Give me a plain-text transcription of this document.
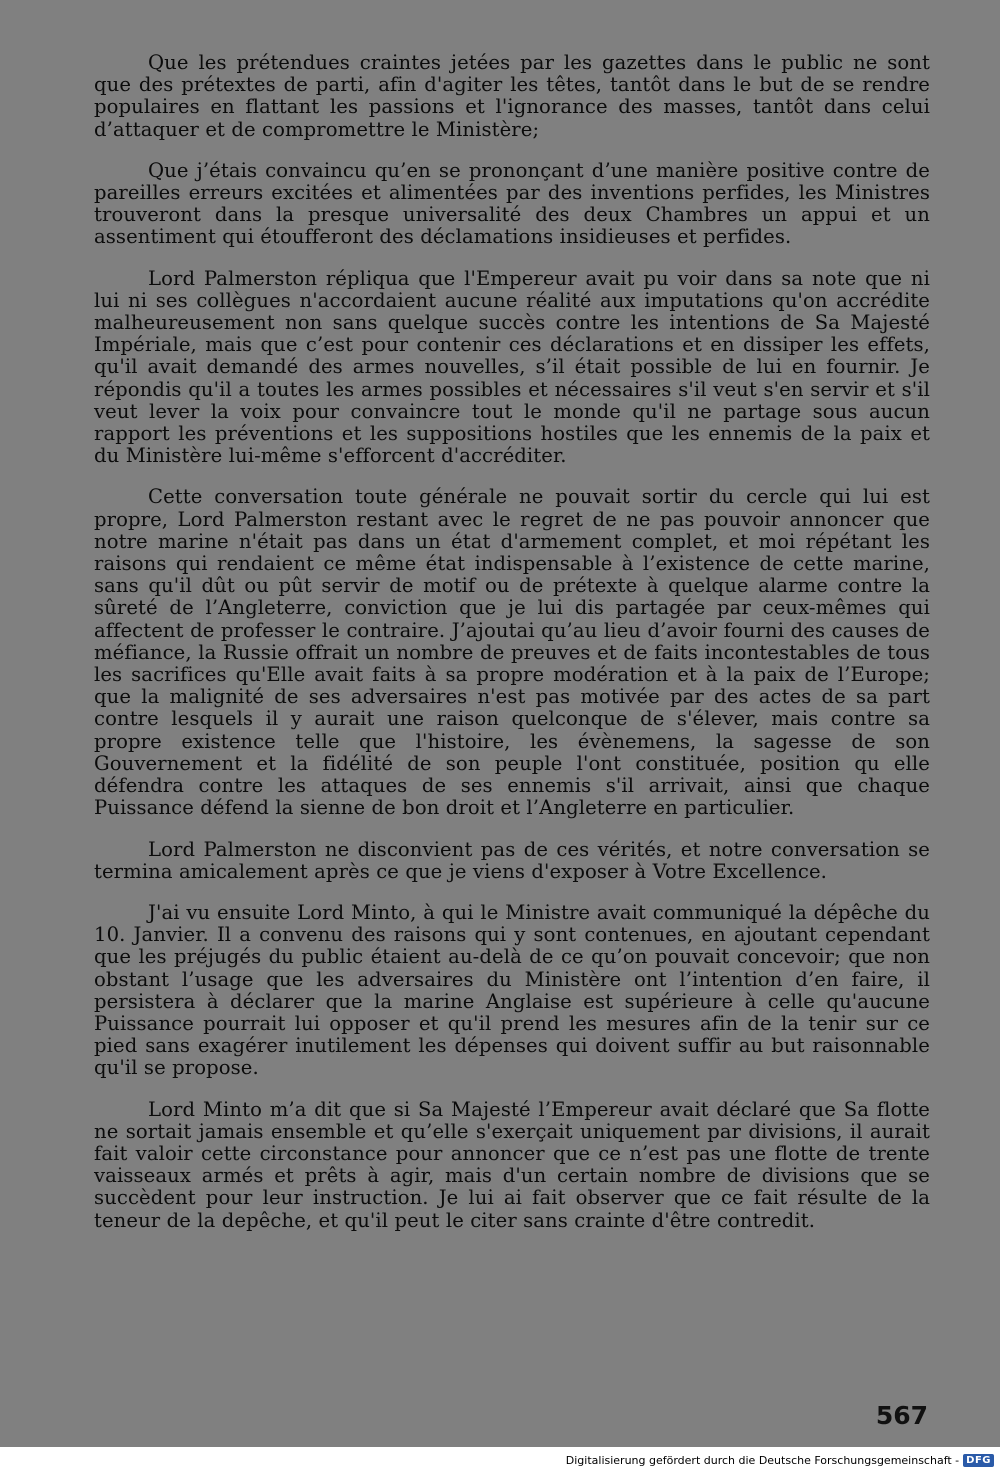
Que les prétendues craintes jetées par les gazettes dans le public ne sont que des prétextes de parti, afin d'agiter les têtes, tantôt dans le but de se rendre populaires en flattant les passions et l'ignorance des masses, tantôt dans celui d’attaquer et de compromettre le Ministère;

Que j’étais convaincu qu’en se prononçant d’une manière positive contre de pareilles erreurs excitées et alimentées par des inventions perfides, les Ministres trouveront dans la presque universalité des deux Chambres un appui et un assentiment qui étoufferont des déclamations insidieuses et perfides.

Lord Palmerston répliqua que l'Empereur avait pu voir dans sa note que ni lui ni ses collègues n'accordaient aucune réalité aux imputations qu'on accrédite malheureusement non sans quelque succès contre les intentions de Sa Majesté Impériale, mais que c’est pour contenir ces déclarations et en dissiper les effets, qu'il avait demandé des armes nouvelles, s’il était possible de lui en fournir. Je répondis qu'il a toutes les armes possibles et nécessaires s'il veut s'en servir et s'il veut lever la voix pour convaincre tout le monde qu'il ne partage sous aucun rapport les préventions et les suppositions hostiles que les ennemis de la paix et du Ministère lui-même s'efforcent d'accréditer.

Cette conversation toute générale ne pouvait sortir du cercle qui lui est propre, Lord Palmerston restant avec le regret de ne pas pouvoir annoncer que notre marine n'était pas dans un état d'armement complet, et moi répétant les raisons qui rendaient ce même état indispensable à l’existence de cette marine, sans qu'il dût ou pût servir de motif ou de prétexte à quelque alarme contre la sûreté de l’Angleterre, conviction que je lui dis partagée par ceux-mêmes qui affectent de professer le contraire. J’ajoutai qu’au lieu d’avoir fourni des causes de méfiance, la Russie offrait un nombre de preuves et de faits incontestables de tous les sacrifices qu'Elle avait faits à sa propre modération et à la paix de l’Europe; que la malignité de ses adversaires n'est pas motivée par des actes de sa part contre lesquels il y aurait une raison quelconque de s'élever, mais contre sa propre existence telle que l'histoire, les évènemens, la sagesse de son Gouvernement et la fidélité de son peuple l'ont constituée, position qu elle défendra contre les attaques de ses ennemis s'il arrivait, ainsi que chaque Puissance défend la sienne de bon droit et l’Angleterre en particulier.

Lord Palmerston ne disconvient pas de ces vérités, et notre conversation se termina amicalement après ce que je viens d'exposer à Votre Excellence.

J'ai vu ensuite Lord Minto, à qui le Ministre avait communiqué la dépêche du 10. Janvier. Il a convenu des raisons qui y sont contenues, en ajoutant cependant que les préjugés du public étaient au-delà de ce qu’on pouvait concevoir; que non obstant l’usage que les adversaires du Ministère ont l’intention d’en faire, il persistera à déclarer que la marine Anglaise est supérieure à celle qu'aucune Puissance pourrait lui opposer et qu'il prend les mesures afin de la tenir sur ce pied sans exagérer inutilement les dépenses qui doivent suffir au but raisonnable qu'il se propose.

Lord Minto m’a dit que si Sa Majesté l’Empereur avait déclaré que Sa flotte ne sortait jamais ensemble et qu’elle s'exerçait uniquement par divisions, il aurait fait valoir cette circonstance pour annoncer que ce n’est pas une flotte de trente vaisseaux armés et prêts à agir, mais d'un certain nombre de divisions que se succèdent pour leur instruction. Je lui ai fait observer que ce fait résulte de la teneur de la depêche, et qu'il peut le citer sans crainte d'être contredit.

567
Digitalisierung gefördert durch die Deutsche Forschungsgemeinschaft - DFG
